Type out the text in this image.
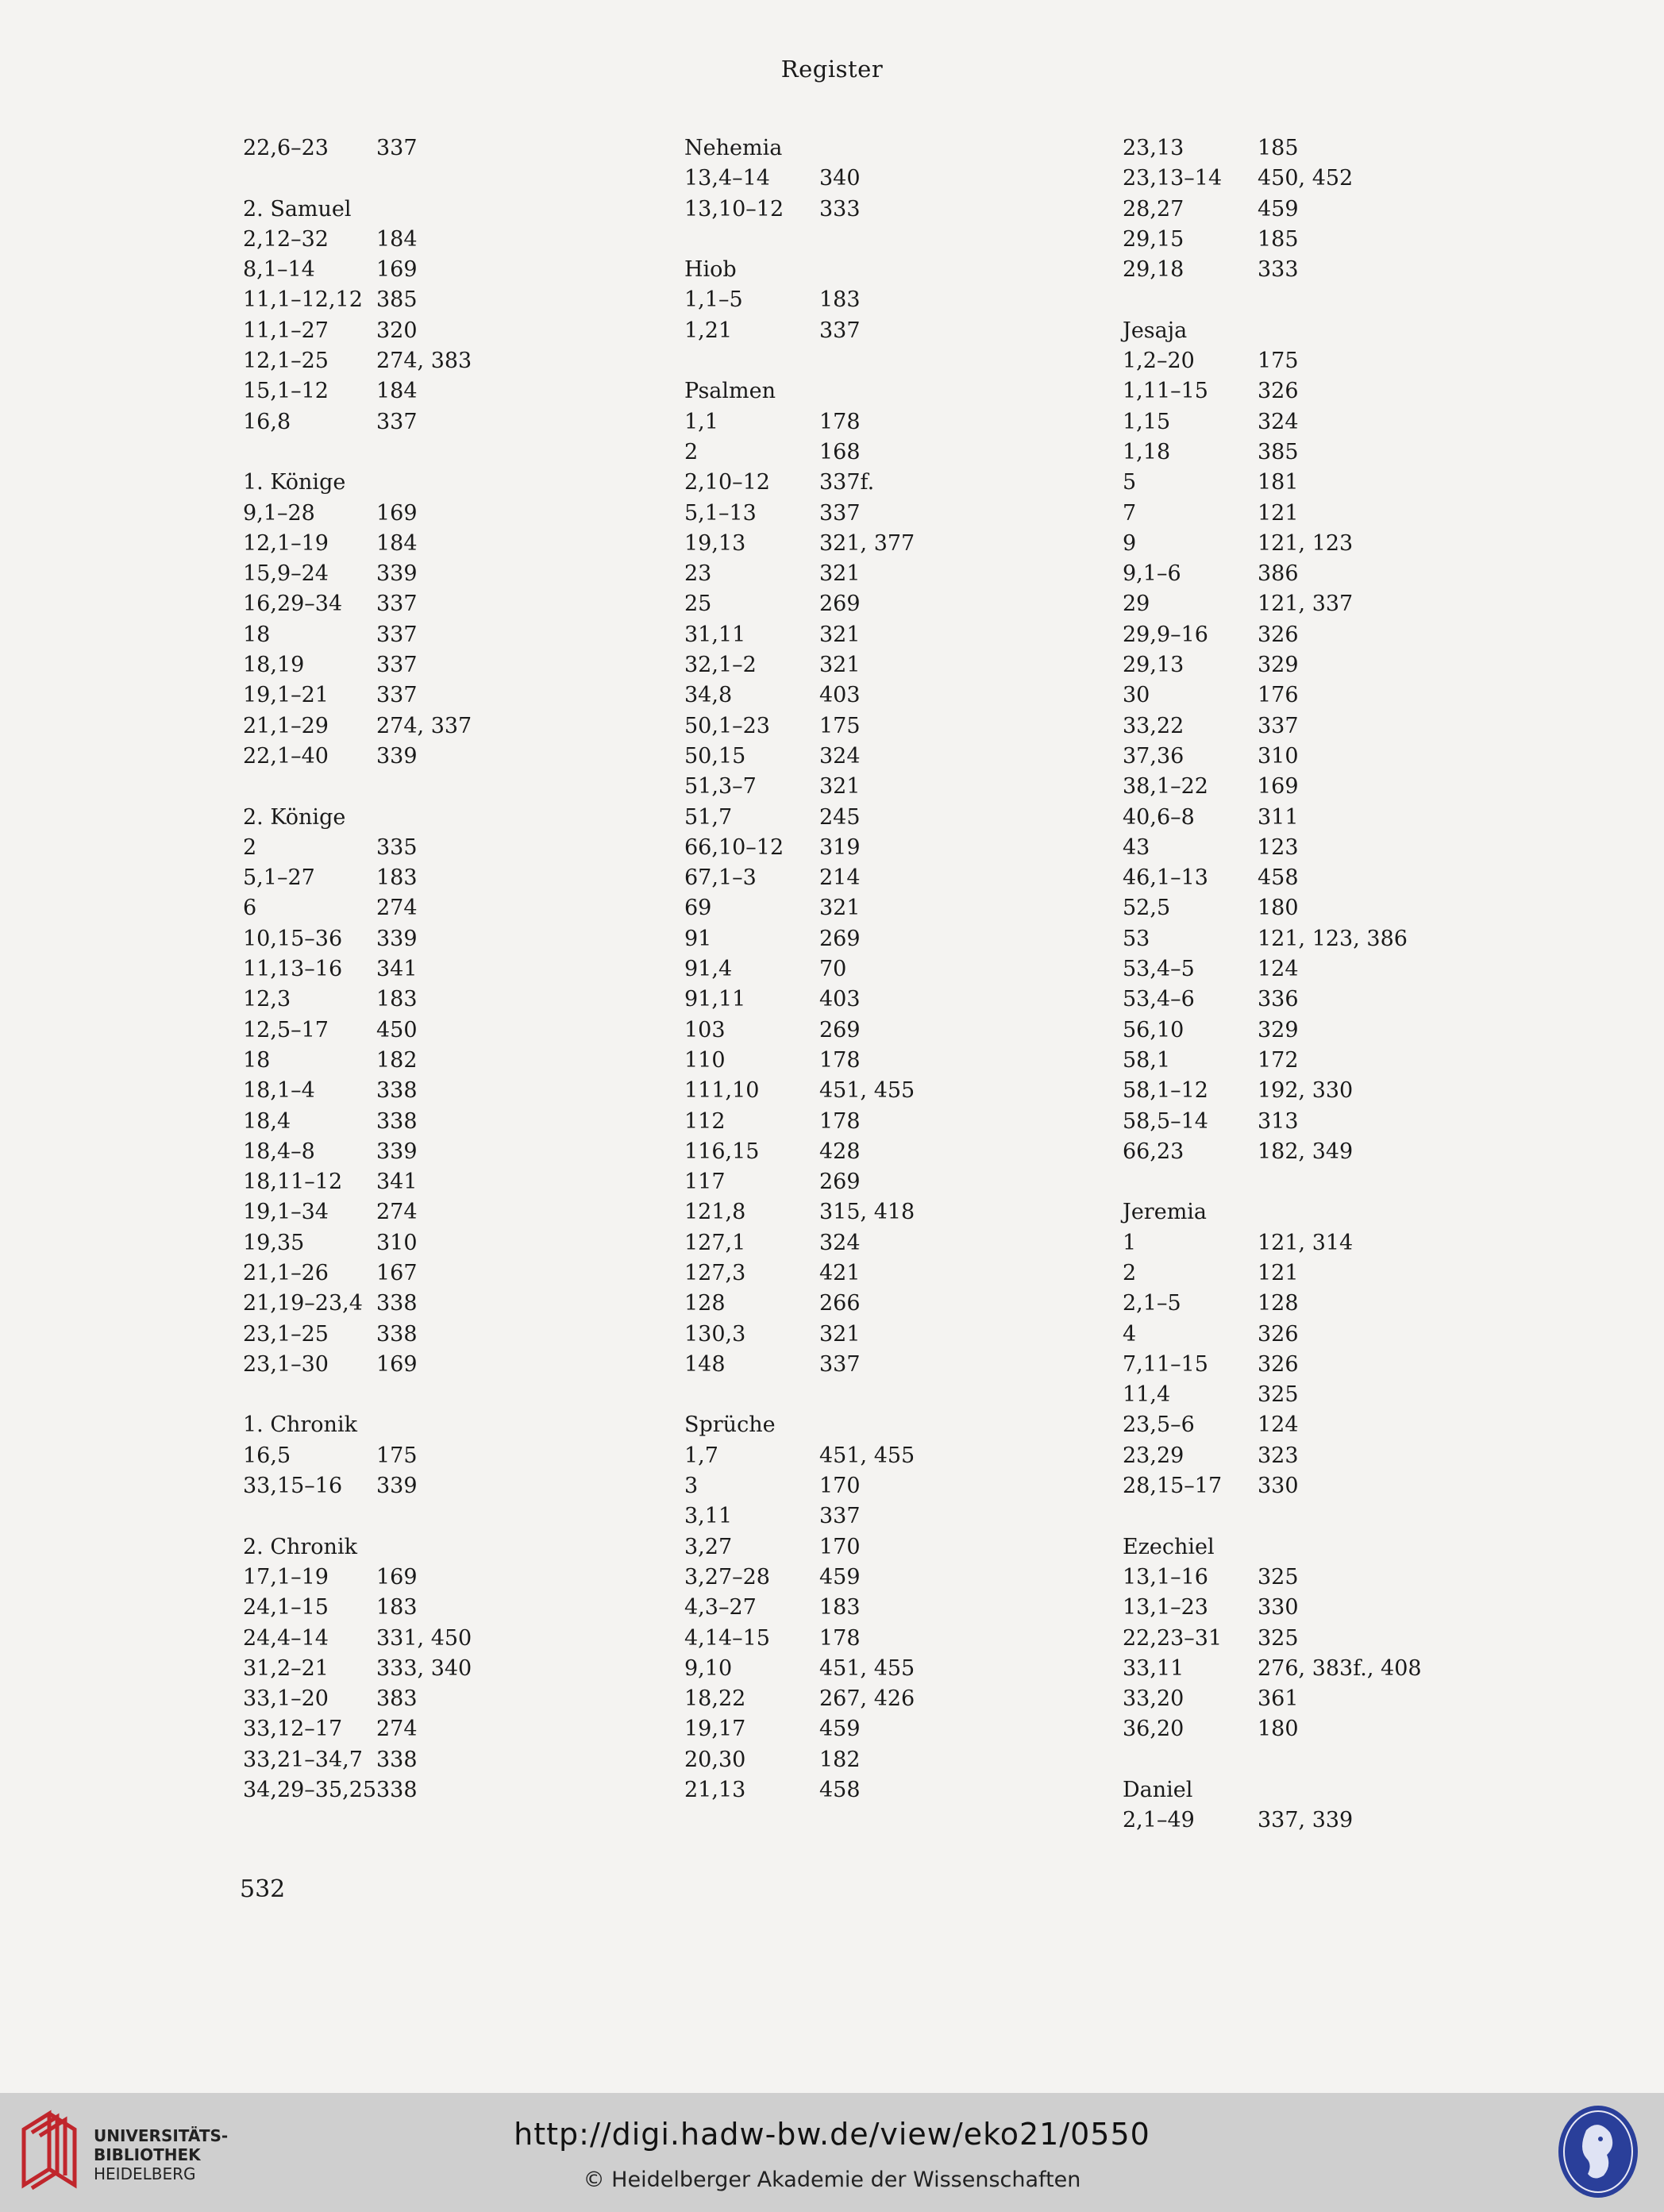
Register
22,6–23 337
2. Samuel
2,12–32 184
8,1–14	169
11,1–12,12 385
11,1–27 320
12,1–25 274, 383
15,1–12 184
16,8	337
1. Könige
9,1–28	169
12,1–19 184
15,9–24 339
16,29–34 337
18	337
18,19	337
19,1–21 337
21,1–29 274, 337
22,1–40 339
2. Könige
2	335
5,1–27	183
6	274
10,15–36 339
11,13–16 341
12,3	183
12,5–17 450
18	182
18,1–4	338
18,4	338
18,4–8	339
18,11–12 341
19,1–34 274
19,35	310
21,1–26 167
21,19–23,4 338
23,1–25 338
23,1–30 169
1. Chronik
16,5	175
33,15–16 339
2. Chronik
17,1–19 169
24,1–15 183
24,4–14 331, 450
31,2–21 333, 340
33,1–20 383
33,12–17 274
33,21–34,7 338
34,29–35,25 338
Nehemia
13,4–14 340
13,10–12 333
Hiob
1,1–5	183
1,21	337
Psalmen
1,1	178
2	168
2,10–12 337f.
5,1–13	337
19,13	321, 377
23	321
25	269
31,11	321
32,1–2	321
34,8	403
50,1–23 175
50,15	324
51,3–7	321
51,7	245
66,10–12 319
67,1–3	214
69	321
91	269
91,4	70
91,11	403
103	269
110	178
111,10	451, 455
112	178
116,15	428
117	269
121,8	315, 418
127,1	324
127,3	421
128	266
130,3	321
148	337
Sprüche
1,7	451, 455
3	170
3,11	337
3,27	170
3,27–28 459
4,3–27	183
4,14–15 178
9,10	451, 455
18,22	267, 426
19,17	459
20,30	182
21,13	458
23,13	185
23,13–14 450, 452
28,27	459
29,15	185
29,18	333
Jesaja
1,2–20	175
1,11–15 326
1,15	324
1,18	385
5	181
7	121
9	121, 123
9,1–6	386
29	121, 337
29,9–16 326
29,13	329
30	176
33,22	337
37,36	310
38,1–22 169
40,6–8	311
43	123
46,1–13 458
52,5	180
53	121, 123, 386
53,4–5	124
53,4–6	336
56,10	329
58,1	172
58,1–12 192, 330
58,5–14 313
66,23	182, 349
Jeremia
1	121, 314
2	121
2,1–5	128
4	326
7,11–15 326
11,4	325
23,5–6	124
23,29	323
28,15–17 330
Ezechiel
13,1–16 325
13,1–23 330
22,23–31 325
33,11	276, 383f., 408
33,20	361
36,20	180
Daniel
2,1–49	337, 339
532
UNIVERSITÄTS-
BIBLIOTHEK
HEIDELBERG
http://digi.hadw-bw.de/view/eko21/0550
© Heidelberger Akademie der Wissenschaften
